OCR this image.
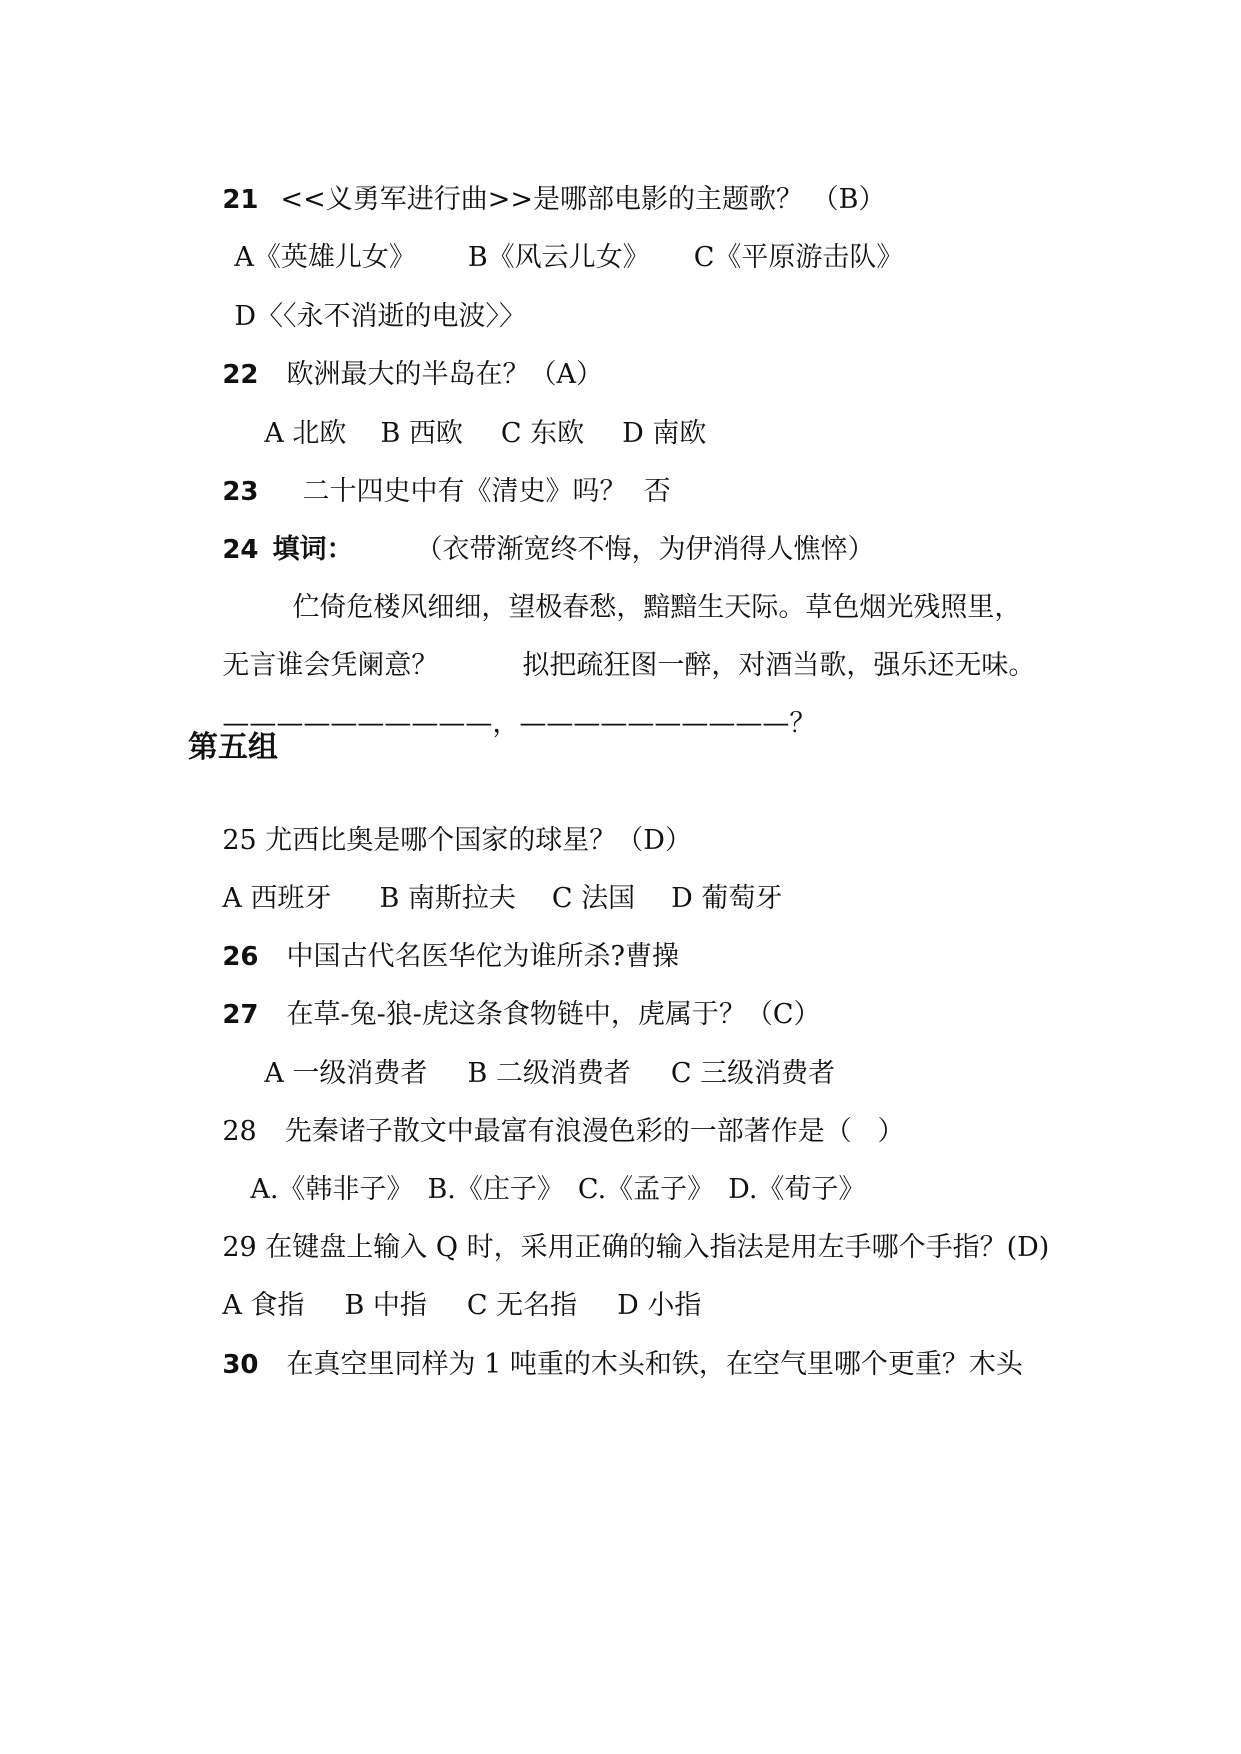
21 <<义勇军进行曲>>是哪部电影的主题歌？ （B）

A《英雄儿女》 B《风云儿女》 C《平原游击队》

D〈〈永不消逝的电波〉〉

22 欧洲最大的半岛在？（A）

A 北欧 B 西欧 C 东欧 D 南欧

23 二十四史中有《清史》吗？  否

24 填词： （衣带渐宽终不悔，为伊消得人憔悴）

伫倚危楼风细细，望极春愁，黯黯生天际。草色烟光残照里，

无言谁会凭阑意？	拟把疏狂图一醉，对酒当歌，强乐还无味。

——————————，——————————？

第五组

25 尤西比奥是哪个国家的球星？（D）

A 西班牙 B 南斯拉夫 C 法国 D 葡萄牙

26 中国古代名医华佗为谁所杀?曹操

27 在草-兔-狼-虎这条食物链中，虎属于？（C）

A 一级消费者 B 二级消费者 C 三级消费者

28 先秦诸子散文中最富有浪漫色彩的一部著作是（   ）

A.《韩非子》 B.《庄子》 C.《孟子》 D.《荀子》

29 在键盘上输入 Q 时，采用正确的输入指法是用左手哪个手指？(D)

A 食指 B 中指 C 无名指 D 小指

30 在真空里同样为 1 吨重的木头和铁，在空气里哪个更重？木头
